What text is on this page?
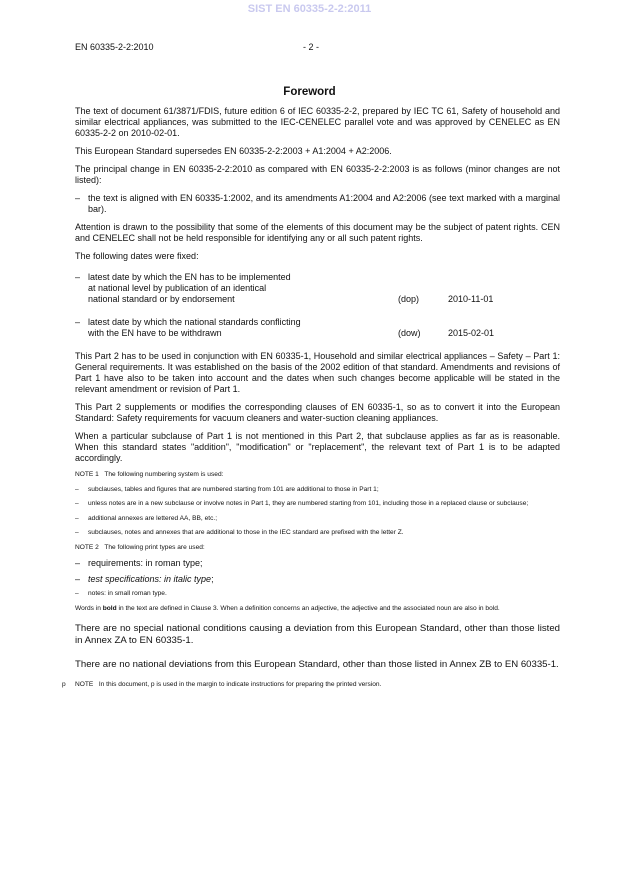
SIST EN 60335-2-2:2011
EN 60335-2-2:2010	- 2 -
Foreword
The text of document 61/3871/FDIS, future edition 6 of IEC 60335-2-2, prepared by IEC TC 61, Safety of household and similar electrical appliances, was submitted to the IEC-CENELEC parallel vote and was approved by CENELEC as EN 60335-2-2 on 2010-02-01.
This European Standard supersedes EN 60335-2-2:2003 + A1:2004 + A2:2006.
The principal change in EN 60335-2-2:2010 as compared with EN 60335-2-2:2003 is as follows (minor changes are not listed):
– the text is aligned with EN 60335-1:2002, and its amendments A1:2004 and A2:2006 (see text marked with a marginal bar).
Attention is drawn to the possibility that some of the elements of this document may be the subject of patent rights. CEN and CENELEC shall not be held responsible for identifying any or all such patent rights.
The following dates were fixed:
– latest date by which the EN has to be implemented
at national level by publication of an identical
national standard or by endorsement	(dop)	2010-11-01
– latest date by which the national standards conflicting
with the EN have to be withdrawn	(dow)	2015-02-01
This Part 2 has to be used in conjunction with EN 60335-1, Household and similar electrical appliances – Safety – Part 1: General requirements. It was established on the basis of the 2002 edition of that standard. Amendments and revisions of Part 1 have also to be taken into account and the dates when such changes become applicable will be stated in the relevant amendment or revision of Part 1.
This Part 2 supplements or modifies the corresponding clauses of EN 60335-1, so as to convert it into the European Standard: Safety requirements for vacuum cleaners and water-suction cleaning appliances.
When a particular subclause of Part 1 is not mentioned in this Part 2, that subclause applies as far as is reasonable. When this standard states "addition", "modification" or "replacement", the relevant text of Part 1 is to be adapted accordingly.
NOTE 1 The following numbering system is used:
–	subclauses, tables and figures that are numbered starting from 101 are additional to those in Part 1;
–	unless notes are in a new subclause or involve notes in Part 1, they are numbered starting from 101, including those in a replaced clause or subclause;
–	additional annexes are lettered AA, BB, etc.;
–	subclauses, notes and annexes that are additional to those in the IEC standard are prefixed with the letter Z.
NOTE 2 The following print types are used:
– requirements: in roman type;
– test specifications: in italic type;
–	notes: in small roman type.
Words in bold in the text are defined in Clause 3. When a definition concerns an adjective, the adjective and the associated noun are also in bold.
There are no special national conditions causing a deviation from this European Standard, other than those listed in Annex ZA to EN 60335-1.
There are no national deviations from this European Standard, other than those listed in Annex ZB to EN 60335-1.
p	NOTE In this document, p is used in the margin to indicate instructions for preparing the printed version.
